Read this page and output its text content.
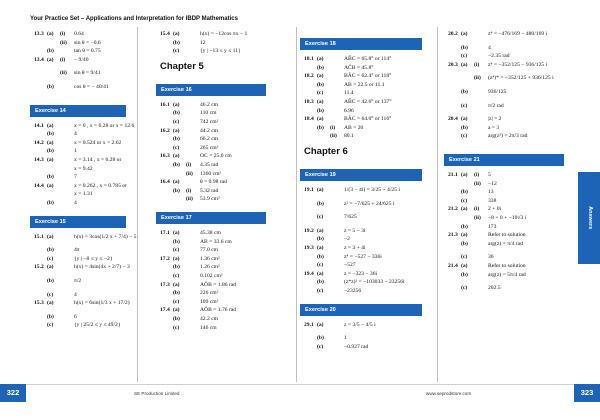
Your Practice Set – Applications and Interpretation for IBDP Mathematics
13.3 (a) (i) 0.64
(ii) sin θ = −0.6
(b)	tan θ = 0.75
13.4 (a) (i) − 9/40
(ii) sin θ = 9/41
(b)	cos θ = − 40/41
Exercise 14
14.1 (a)	x = 0 , x = 6.28 or x = 12.6
(b)	4
14.2 (a)	x = 0.524 or x = 2.62
(b)	1
14.3 (a)	x = 3.14 , x = 6.28 or
x = 9.42
(b)	7
14.4 (a)	x = 0.262 , x = 0.785 or
x = 1.31
(b)	4
Exercise 15
15.1 (a)	h(x) = 3cos(1/2 x + 7/4) − 5
(b)	4π
(c)	{y | −8 ≤ y ≤ −2}
15.2 (a)	h(x) = 4sin(4x + 2/7) − 3
(b)	π/2
(c)	4
15.3 (a)	h(x) = 6sin(1/3 x + 17/2)
(b)	6
(c)	{y | 25/2 ≤ y ≤ 49/2}
15.4 (a)	h(x) = −12cos πx − 1
(b)	12
(c)	{y | −13 ≤ y ≤ 11}
Chapter 5
Exercise 16
16.1 (a)	46.2 cm
(b)	110 cm
(c)	742 cm²
16.2 (a)	44.2 cm
(b)	66.2 cm
(c)	265 cm²
16.3 (a)	OC = 25.0 cm
(b) (i) 4.35 rad
(ii) 1360 cm²
16.4 (a)	θ = 0.98 rad
(b) (i) 5.32 rad
(ii) 53.9 cm²
Exercise 17
17.1 (a)	45.38 cm
(b)	AB = 33.6 cm
(c)	77.0 cm
17.2 (a)	1.36 cm²
(b)	1.26 cm²
(c)	0.102 cm²
17.3 (a)	AÔB = 1.86 rad
(b)	226 cm²
(c)	109 cm²
17.4 (a)	AÔB = 1.76 rad
(b)	42.2 cm
(c)	146 cm
Exercise 18
18.1 (a)	AB̂C = 65.8° or 114°
(b)	AĈB = 45.8°
18.2 (a)	BÂC = 62.4° or 118°
(b)	AB = 22.5 or 11.1
(c)	11.4
18.3 (a)	AB̂C = 42.6° or 137°
(b)	6.96
18.4 (a)	BÂC = 64.0° or 116°
(b) (i) AB = 20
(ii) 80.1
Chapter 6
Exercise 19
19.1 (a)	1/(3 − 4i) = 3/25 + 4/25 i
(b)	z² = −7/625 + 24/625 i
(c)	7/625
19.2 (a)	z = 5 − 3i
(b)	−2
19.3 (a)	z = 3 + 4i
(b)	z⁴ = −527 − 336i
(c)	−527
19.4 (a)	z = −323 − 36i
(b)	(z*z)² = −103033 − 23256i
(c)	−23256
Exercise 20
29.1 (a)	z = 3/5 − 4/5 i
(b)	1
(c)	−0.927 rad
20.2 (a)	z⁴ = −476/169 − 480/169 i
(b)	4
(c)	−2.35 rad
20.3 (a) (i) z⁴ = −352/125 − 936/125 i
(ii) (z⁴)* = −352/125 + 936/125 i
(b)	936/125
(c)	π/2 rad
20.4 (a)	|z| = 2
(b)	a = 3
(c)	arg(z³) = 2π/3 rad
Exercise 21
21.1 (a) (i) 5
(ii) −12
(b)	13
(c)	338
21.2 (a) (i) 2 + 0i
(ii) −8 + 0 + −10√3 i
(b)	173
21.3 (a)	Refer to solution
(b)	arg(z) = π/4 rad
(c)	36
21.4 (a)	Refer to solution
(b)	arg(z) = 5π/4 rad
(c)	202.5
Answers
322	323
SE Production Limited	www.seprodstore.com
